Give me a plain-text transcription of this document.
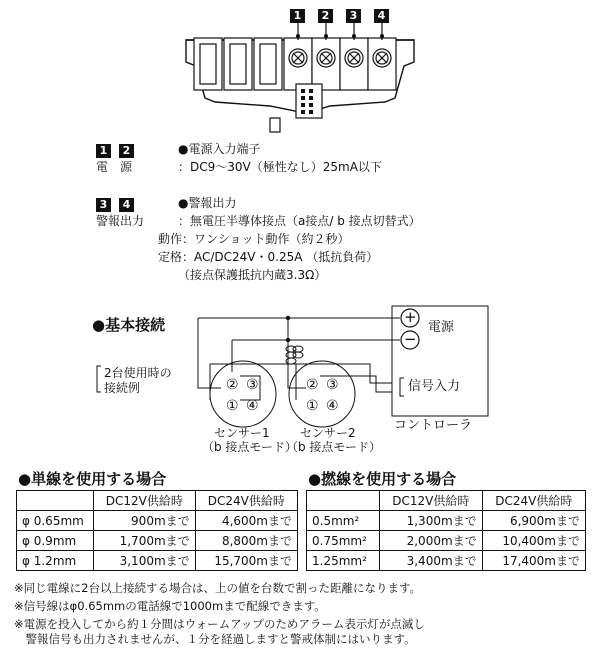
1	2	3	4
1 2	●電源入力端子
電　源	：DC9〜30V（極性なし）25mA以下
3 4	●警報出力
警報出力	：無電圧半導体接点（a接点/ b 接点切替式）
動作：ワンショット動作（約２秒）
定格：AC/DC24V・0.25A （抵抗負荷）
（接点保護抵抗内蔵3.3Ω）
●基本接続	+
−
電源
信号入力
コントローラ
2台使用時の
接続例	② ③
① ④
② ③
① ④
センサー1
（b 接点モード）
センサー2
（b 接点モード）
●単線を使用する場合
	DC12V供給時	DC24V供給時
φ 0.65mm	900mまで	4,600mまで
φ 0.9mm	1,700mまで	8,800mまで
φ 1.2mm	3,100mまで	15,700mまで
●撚線を使用する場合
	DC12V供給時	DC24V供給時
0.5mm²	1,300mまで	6,900mまで
0.75mm²	2,000mまで	10,400mまで
1.25mm²	3,400mまで	17,400mまで
※同じ電線に2台以上接続する場合は、上の値を台数で割った距離になります。
※信号線はφ0.65mmの電話線で1000mまで配線できます。
※電源を投入してから約１分間はウォームアップのためアラーム表示灯が点滅し
　警報信号も出力されませんが、１分を経過しますと警戒体制にはいります。
